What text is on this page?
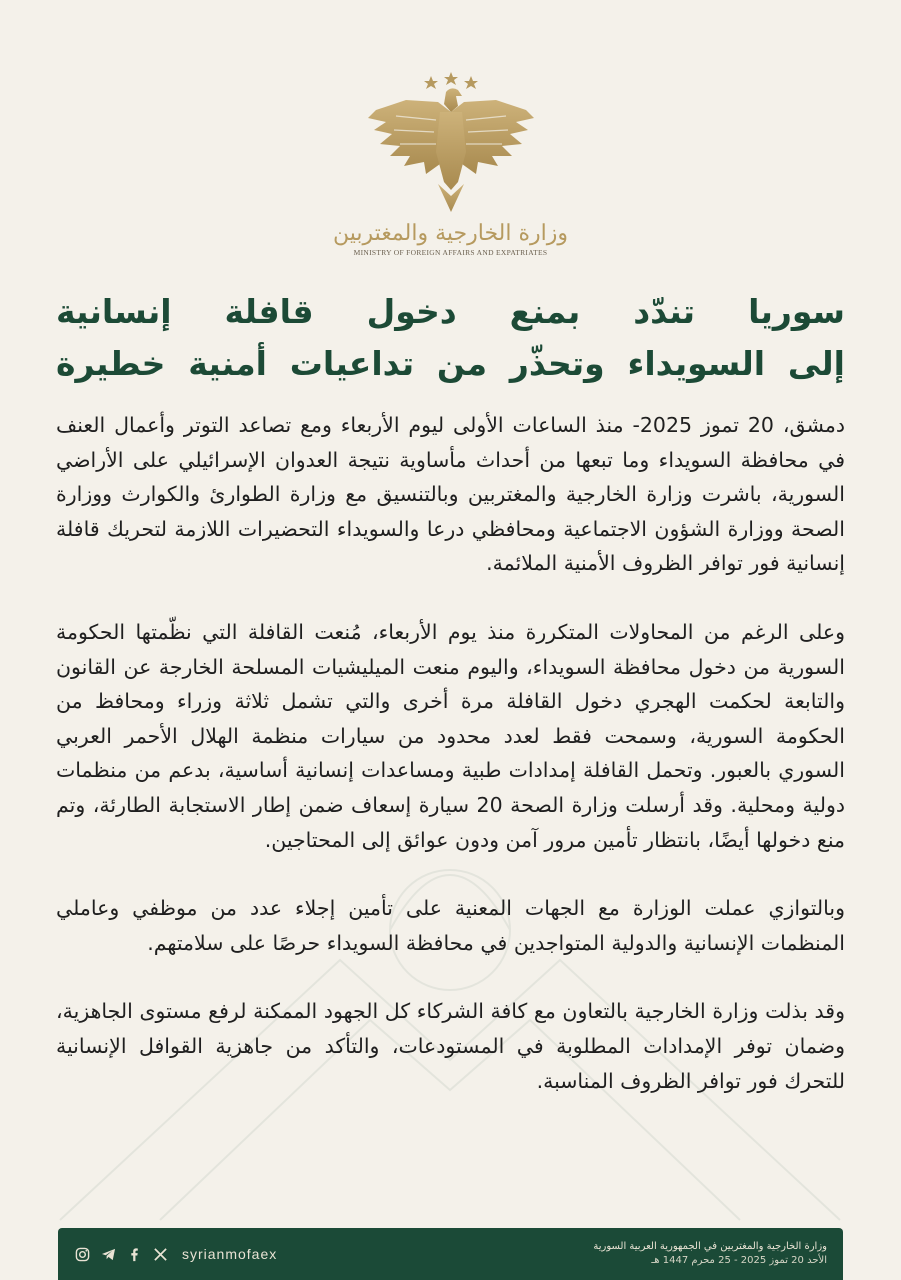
وزارة الخارجية والمغتربين
MINISTRY OF FOREIGN AFFAIRS AND EXPATRIATES
سوريا تندّد بمنع دخول قافلة إنسانية
إلى السويداء وتحذّر من تداعيات أمنية خطيرة

دمشق، 20 تموز 2025- منذ الساعات الأولى ليوم الأربعاء ومع تصاعد التوتر وأعمال العنف في محافظة السويداء وما تبعها من أحداث مأساوية نتيجة العدوان الإسرائيلي على الأراضي السورية، باشرت وزارة الخارجية والمغتربين وبالتنسيق مع وزارة الطوارئ والكوارث ووزارة الصحة ووزارة الشؤون الاجتماعية ومحافظي درعا والسويداء التحضيرات اللازمة لتحريك قافلة إنسانية فور توافر الظروف الأمنية الملائمة.

وعلى الرغم من المحاولات المتكررة منذ يوم الأربعاء، مُنعت القافلة التي نظّمتها الحكومة السورية من دخول محافظة السويداء، واليوم منعت الميليشيات المسلحة الخارجة عن القانون والتابعة لحكمت الهجري دخول القافلة مرة أخرى والتي تشمل ثلاثة وزراء ومحافظ من الحكومة السورية، وسمحت فقط لعدد محدود من سيارات منظمة الهلال الأحمر العربي السوري بالعبور. وتحمل القافلة إمدادات طبية ومساعدات إنسانية أساسية، بدعم من منظمات دولية ومحلية. وقد أرسلت وزارة الصحة 20 سيارة إسعاف ضمن إطار الاستجابة الطارئة، وتم منع دخولها أيضًا، بانتظار تأمين مرور آمن ودون عوائق إلى المحتاجين.

وبالتوازي عملت الوزارة مع الجهات المعنية على تأمين إجلاء عدد من موظفي وعاملي المنظمات الإنسانية والدولية المتواجدين في محافظة السويداء حرصًا على سلامتهم.

وقد بذلت وزارة الخارجية بالتعاون مع كافة الشركاء كل الجهود الممكنة لرفع مستوى الجاهزية، وضمان توفر الإمدادات المطلوبة في المستودعات، والتأكد من جاهزية القوافل الإنسانية للتحرك فور توافر الظروف المناسبة.

syrianmofaex	وزارة الخارجية والمغتربين في الجمهورية العربية السورية
الأحد 20 تموز 2025 - 25 محرم 1447 هـ
